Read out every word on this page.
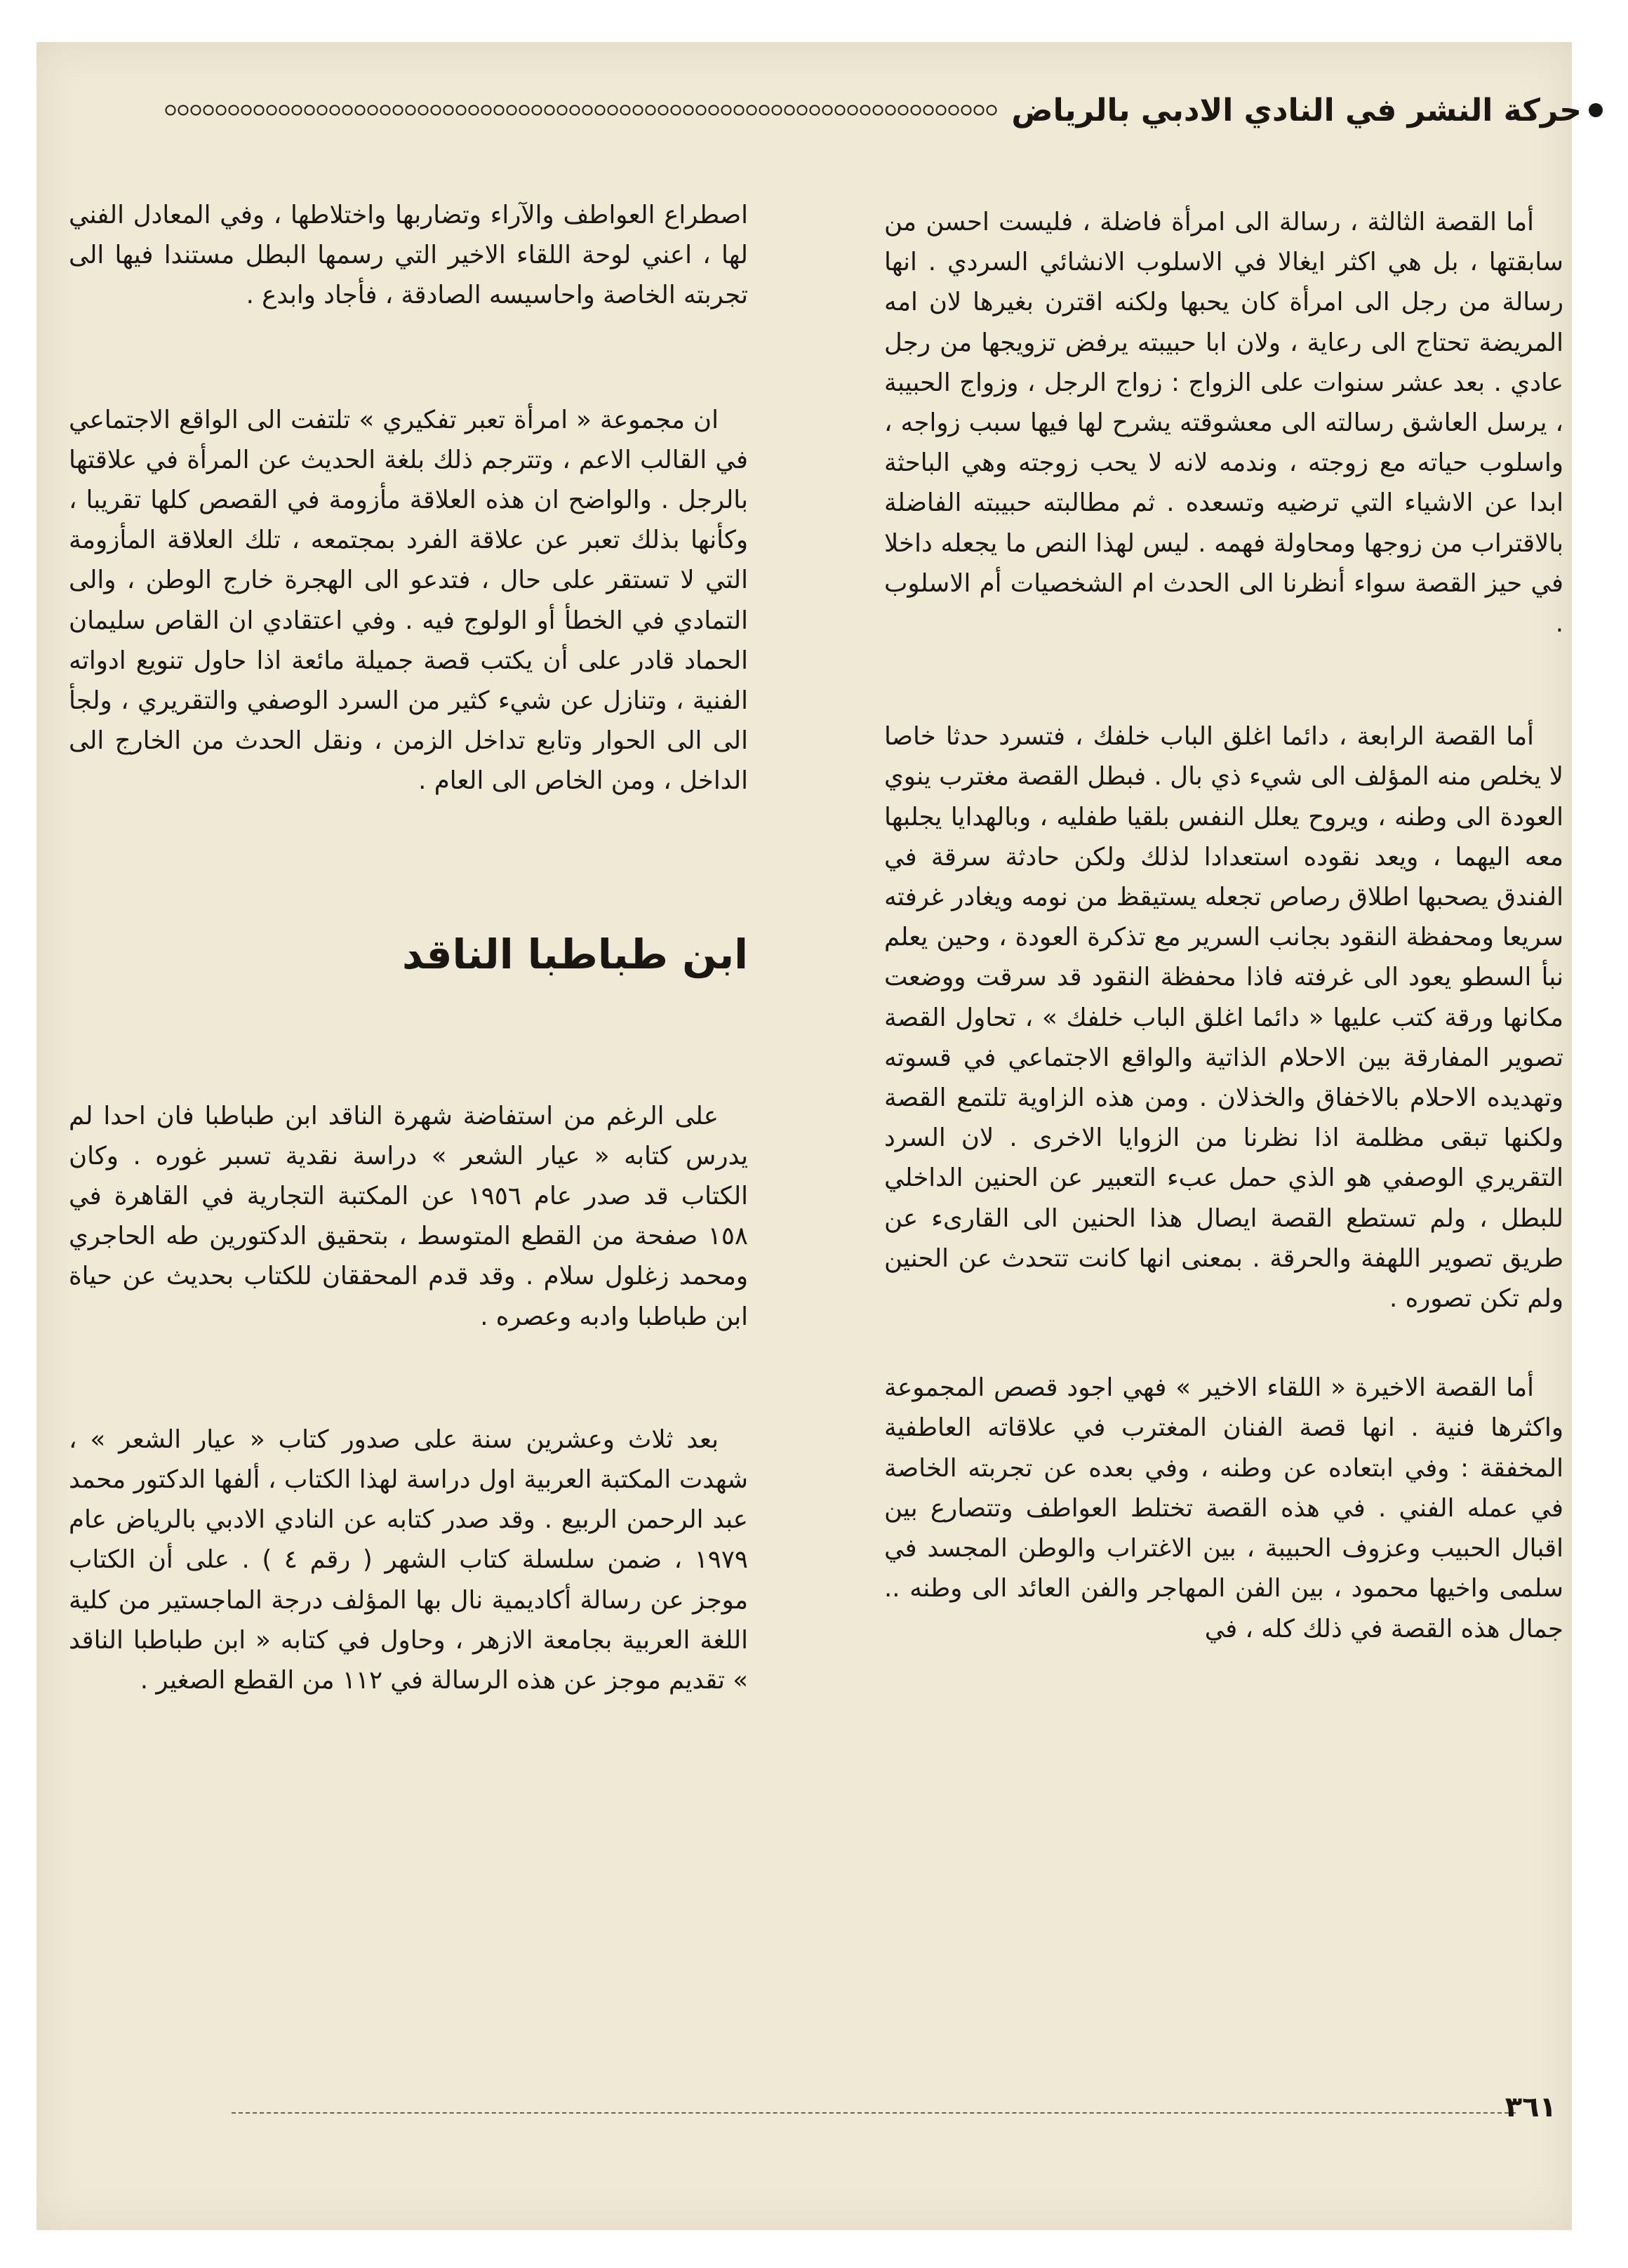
حركة النشر في النادي الادبي بالرياض

أما القصة الثالثة ، رسالة الى امرأة فاضلة ، فليست احسن من سابقتها ، بل هي اكثر ايغالا في الاسلوب الانشائي السردي . انها رسالة من رجل الى امرأة كان يحبها ولكنه اقترن بغيرها لان امه المريضة تحتاج الى رعاية ، ولان ابا حبيبته يرفض تزويجها من رجل عادي . بعد عشر سنوات على الزواج : زواج الرجل ، وزواج الحبيبة ، يرسل العاشق رسالته الى معشوقته يشرح لها فيها سبب زواجه ، واسلوب حياته مع زوجته ، وندمه لانه لا يحب زوجته وهي الباحثة ابدا عن الاشياء التي ترضيه وتسعده . ثم مطالبته حبيبته الفاضلة بالاقتراب من زوجها ومحاولة فهمه . ليس لهذا النص ما يجعله داخلا في حيز القصة سواء أنظرنا الى الحدث ام الشخصيات أم الاسلوب .

أما القصة الرابعة ، دائما اغلق الباب خلفك ، فتسرد حدثا خاصا لا يخلص منه المؤلف الى شيء ذي بال . فبطل القصة مغترب ينوي العودة الى وطنه ، ويروح يعلل النفس بلقيا طفليه ، وبالهدايا يجلبها معه اليهما ، ويعد نقوده استعدادا لذلك ولكن حادثة سرقة في الفندق يصحبها اطلاق رصاص تجعله يستيقظ من نومه ويغادر غرفته سريعا ومحفظة النقود بجانب السرير مع تذكرة العودة ، وحين يعلم نبأ السطو يعود الى غرفته فاذا محفظة النقود قد سرقت ووضعت مكانها ورقة كتب عليها « دائما اغلق الباب خلفك » ، تحاول القصة تصوير المفارقة بين الاحلام الذاتية والواقع الاجتماعي في قسوته وتهديده الاحلام بالاخفاق والخذلان . ومن هذه الزاوية تلتمع القصة ولكنها تبقى مظلمة اذا نظرنا من الزوايا الاخرى . لان السرد التقريري الوصفي هو الذي حمل عبء التعبير عن الحنين الداخلي للبطل ، ولم تستطع القصة ايصال هذا الحنين الى القارىء عن طريق تصوير اللهفة والحرقة . بمعنى انها كانت تتحدث عن الحنين ولم تكن تصوره .

أما القصة الاخيرة « اللقاء الاخير » فهي اجود قصص المجموعة واكثرها فنية . انها قصة الفنان المغترب في علاقاته العاطفية المخفقة : وفي ابتعاده عن وطنه ، وفي بعده عن تجربته الخاصة في عمله الفني . في هذه القصة تختلط العواطف وتتصارع بين اقبال الحبيب وعزوف الحبيبة ، بين الاغتراب والوطن المجسد في سلمى واخيها محمود ، بين الفن المهاجر والفن العائد الى وطنه .. جمال هذه القصة في ذلك كله ، في

اصطراع العواطف والآراء وتضاربها واختلاطها ، وفي المعادل الفني لها ، اعني لوحة اللقاء الاخير التي رسمها البطل مستندا فيها الى تجربته الخاصة واحاسيسه الصادقة ، فأجاد وابدع .

ان مجموعة « امرأة تعبر تفكيري » تلتفت الى الواقع الاجتماعي في القالب الاعم ، وتترجم ذلك بلغة الحديث عن المرأة في علاقتها بالرجل . والواضح ان هذه العلاقة مأزومة في القصص كلها تقريبا ، وكأنها بذلك تعبر عن علاقة الفرد بمجتمعه ، تلك العلاقة المأزومة التي لا تستقر على حال ، فتدعو الى الهجرة خارج الوطن ، والى التمادي في الخطأ أو الولوج فيه . وفي اعتقادي ان القاص سليمان الحماد قادر على أن يكتب قصة جميلة مائعة اذا حاول تنويع ادواته الفنية ، وتنازل عن شيء كثير من السرد الوصفي والتقريري ، ولجأ الى الى الحوار وتابع تداخل الزمن ، ونقل الحدث من الخارج الى الداخل ، ومن الخاص الى العام .

ابن طباطبا الناقد

على الرغم من استفاضة شهرة الناقد ابن طباطبا فان احدا لم يدرس كتابه « عيار الشعر » دراسة نقدية تسبر غوره . وكان الكتاب قد صدر عام ١٩٥٦ عن المكتبة التجارية في القاهرة في ١٥٨ صفحة من القطع المتوسط ، بتحقيق الدكتورين طه الحاجري ومحمد زغلول سلام . وقد قدم المحققان للكتاب بحديث عن حياة ابن طباطبا وادبه وعصره .

بعد ثلاث وعشرين سنة على صدور كتاب « عيار الشعر » ، شهدت المكتبة العربية اول دراسة لهذا الكتاب ، ألفها الدكتور محمد عبد الرحمن الربيع . وقد صدر كتابه عن النادي الادبي بالرياض عام ١٩٧٩ ، ضمن سلسلة كتاب الشهر ( رقم ٤ ) . على أن الكتاب موجز عن رسالة أكاديمية نال بها المؤلف درجة الماجستير من كلية اللغة العربية بجامعة الازهر ، وحاول في كتابه « ابن طباطبا الناقد » تقديم موجز عن هذه الرسالة في ١١٢ من القطع الصغير .

٣٦١
